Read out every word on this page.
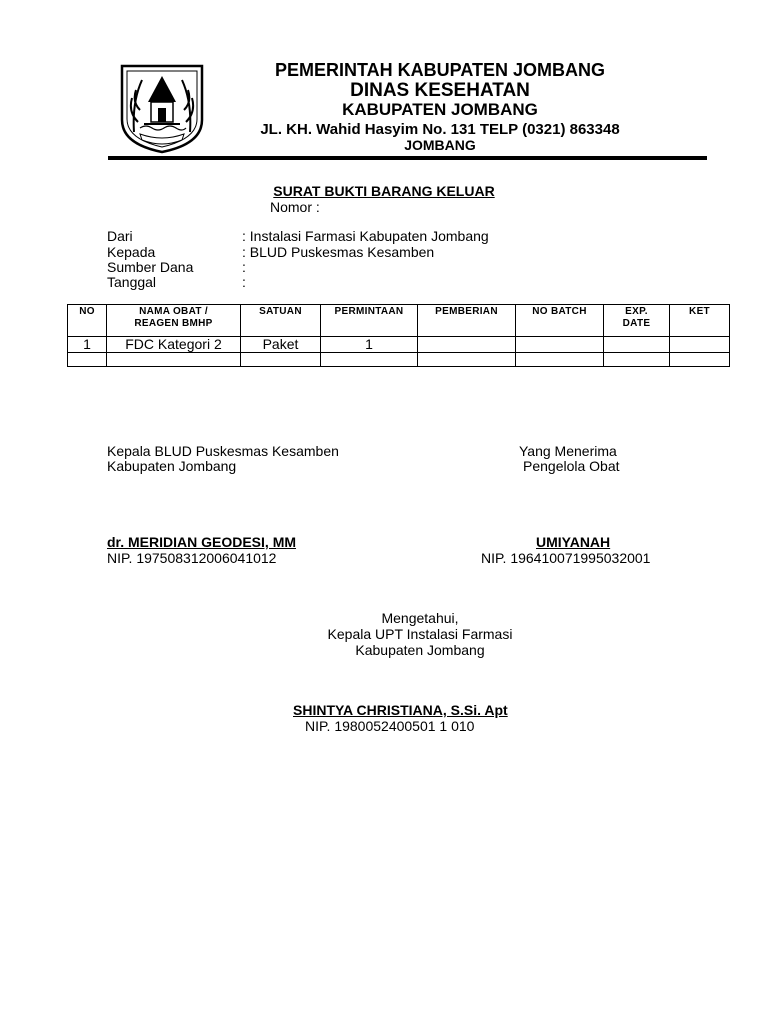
PEMERINTAH KABUPATEN JOMBANG
DINAS KESEHATAN
KABUPATEN JOMBANG
JL. KH. Wahid Hasyim No. 131 TELP (0321) 863348
JOMBANG
SURAT BUKTI BARANG KELUAR
Nomor :
Dari	: Instalasi Farmasi Kabupaten Jombang
Kepada	: BLUD Puskesmas Kesamben
Sumber Dana	:
Tanggal	:
NO	NAMA OBAT / REAGEN BMHP	SATUAN	PERMINTAAN	PEMBERIAN	NO BATCH	EXP. DATE	KET
1	FDC Kategori 2	Paket	1				

Kepala BLUD Puskesmas Kesamben
Kabupaten Jombang
dr. MERIDIAN GEODESI, MM
NIP. 197508312006041012
Yang Menerima
Pengelola Obat
UMIYANAH
NIP. 196410071995032001
Mengetahui,
Kepala UPT Instalasi Farmasi
Kabupaten Jombang
SHINTYA CHRISTIANA, S.Si. Apt
NIP. 1980052400501 1 010
